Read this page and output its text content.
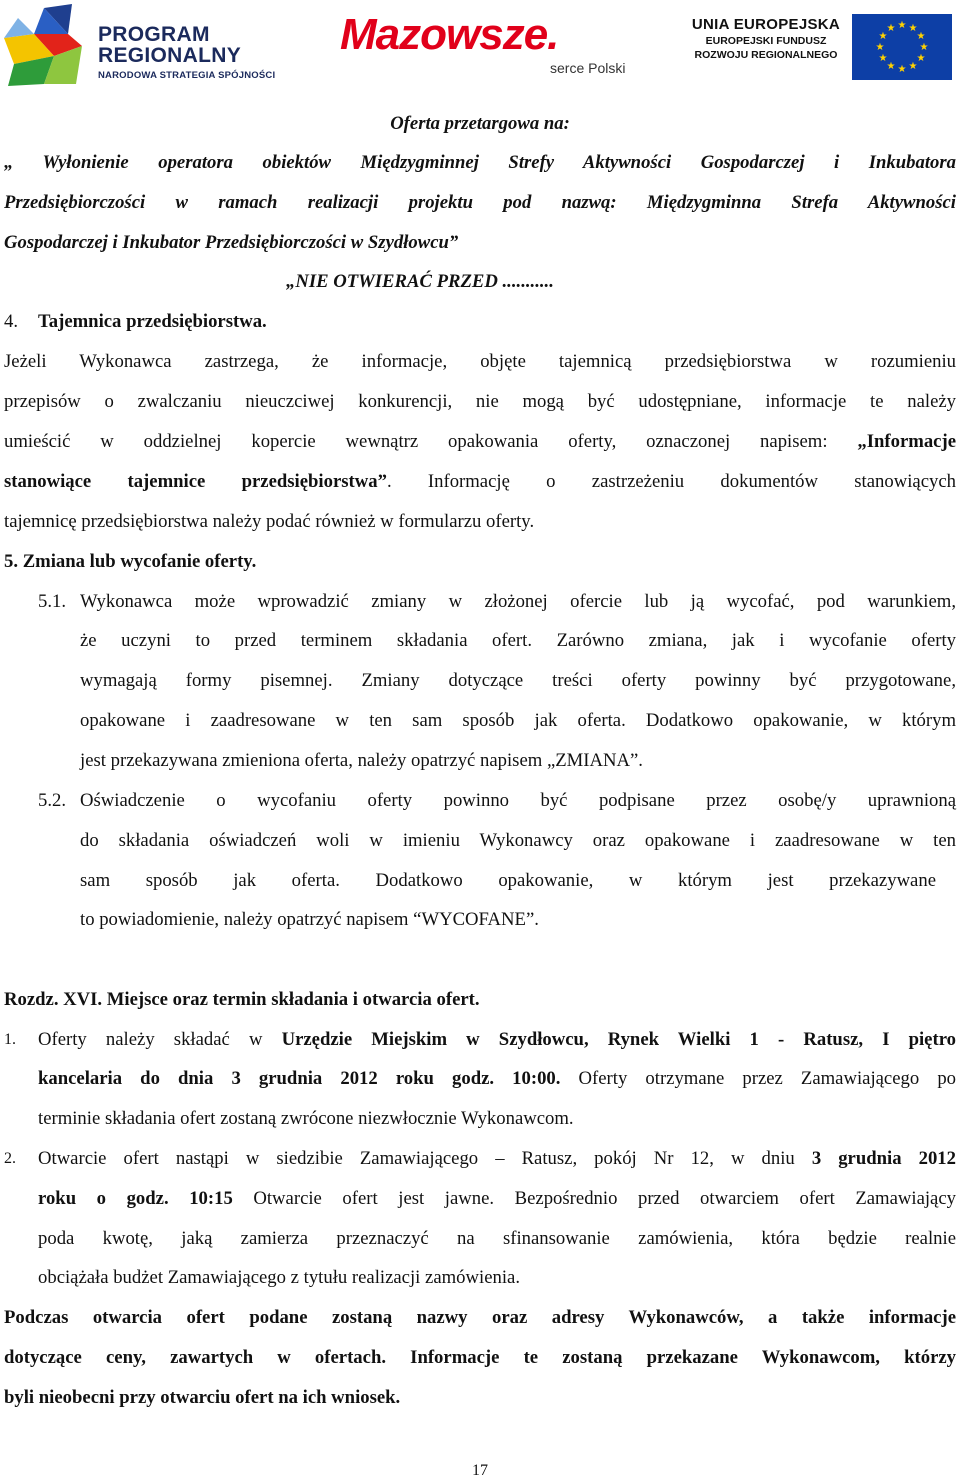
PROGRAM
REGIONALNY
NARODOWA STRATEGIA SPÓJNOŚCI
Mazowsze.
serce Polski
UNIA EUROPEJSKA
EUROPEJSKI FUNDUSZ
ROZWOJU REGIONALNEGO
★ ★
★
★
★
★
★
★
★
★
★
★
Oferta przetargowa na:
„ Wyłonienie operatora obiektów Międzygminnej Strefy Aktywności Gospodarczej i Inkubatora
Przedsiębiorczości w ramach realizacji projektu pod nazwą: Międzygminna Strefa Aktywności
Gospodarczej i Inkubator Przedsiębiorczości w Szydłowcu”
„NIE OTWIERAĆ PRZED ...........
4. Tajemnica przedsiębiorstwa.
Jeżeli Wykonawca zastrzega, że informacje, objęte tajemnicą przedsiębiorstwa w rozumieniu
przepisów o zwalczaniu nieuczciwej konkurencji, nie mogą być udostępniane, informacje te należy
umieścić w oddzielnej kopercie wewnątrz opakowania oferty, oznaczonej napisem: „Informacje
stanowiące tajemnice przedsiębiorstwa”. Informację o zastrzeżeniu dokumentów stanowiących
tajemnicę przedsiębiorstwa należy podać również w formularzu oferty.
5. Zmiana lub wycofanie oferty.
5.1. Wykonawca może wprowadzić zmiany w złożonej ofercie lub ją wycofać, pod warunkiem,
że uczyni to przed terminem składania ofert. Zarówno zmiana, jak i wycofanie oferty
wymagają formy pisemnej. Zmiany dotyczące treści oferty powinny być przygotowane,
opakowane i zaadresowane w ten sam sposób jak oferta. Dodatkowo opakowanie, w którym
jest przekazywana zmieniona oferta, należy opatrzyć napisem „ZMIANA”.
5.2. Oświadczenie o wycofaniu oferty powinno być podpisane przez osobę/y uprawnioną
do składania oświadczeń woli w imieniu Wykonawcy oraz opakowane i zaadresowane w ten
sam sposób jak oferta. Dodatkowo opakowanie, w którym jest przekazywane
to powiadomienie, należy opatrzyć napisem “WYCOFANE”.
Rozdz. XVI. Miejsce oraz termin składania i otwarcia ofert.
1. Oferty należy składać w Urzędzie Miejskim w Szydłowcu, Rynek Wielki 1 - Ratusz, I piętro
kancelaria do dnia 3 grudnia 2012 roku godz. 10:00. Oferty otrzymane przez Zamawiającego po
terminie składania ofert zostaną zwrócone niezwłocznie Wykonawcom.
2. Otwarcie ofert nastąpi w siedzibie Zamawiającego – Ratusz, pokój Nr 12, w dniu 3 grudnia 2012
roku o godz. 10:15 Otwarcie ofert jest jawne. Bezpośrednio przed otwarciem ofert Zamawiający
poda kwotę, jaką zamierza przeznaczyć na sfinansowanie zamówienia, która będzie realnie
obciążała budżet Zamawiającego z tytułu realizacji zamówienia.
Podczas otwarcia ofert podane zostaną nazwy oraz adresy Wykonawców, a także informacje
dotyczące ceny, zawartych w ofertach. Informacje te zostaną przekazane Wykonawcom, którzy
byli nieobecni przy otwarciu ofert na ich wniosek.
17
